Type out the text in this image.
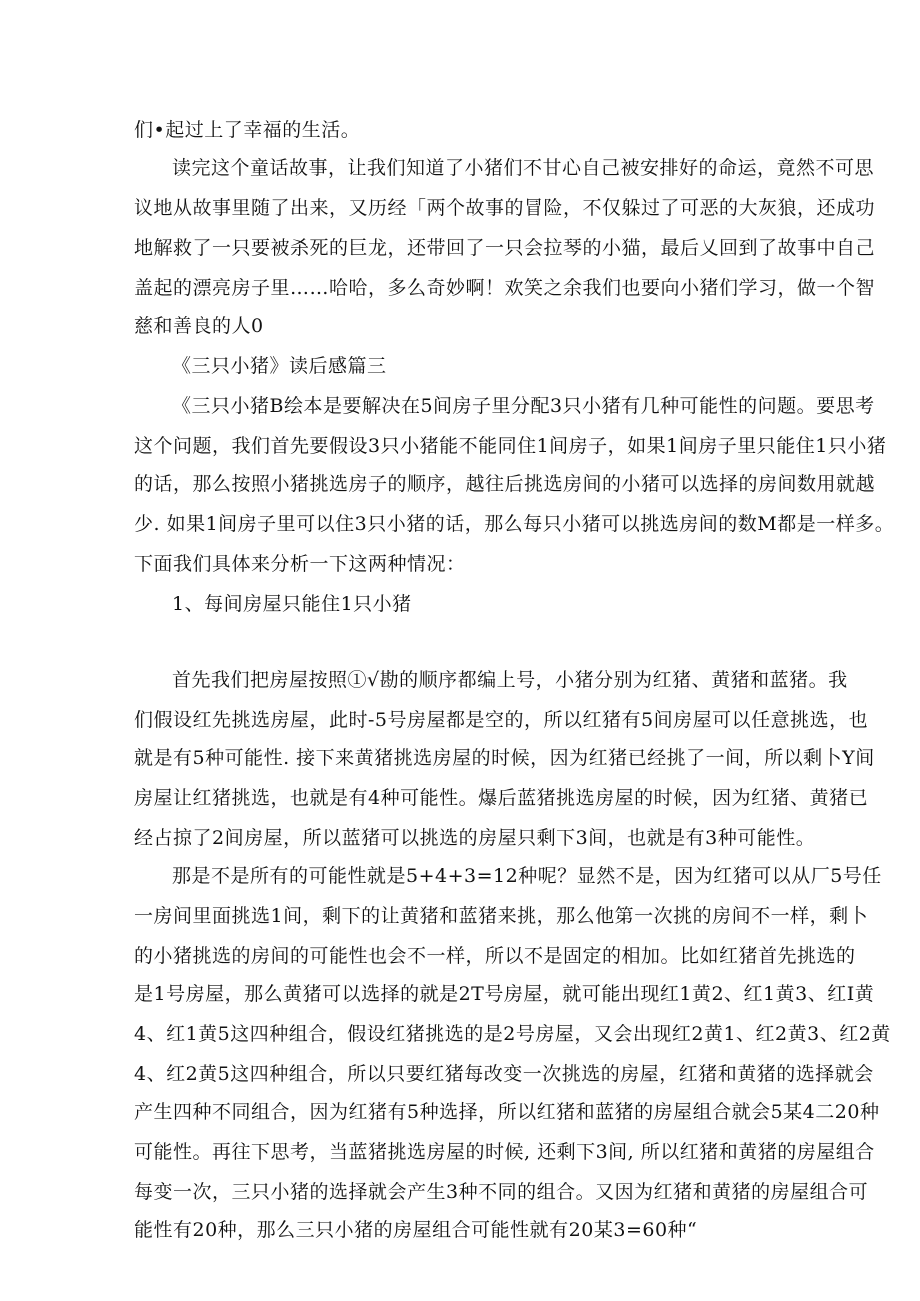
们•起过上了幸福的生活。
读完这个童话故事，让我们知道了小猪们不甘心自己被安排好的命运，竟然不可思
议地从故事里随了出来，又历经「两个故事的冒险，不仅躲过了可恶的大灰狼，还成功
地解救了一只要被杀死的巨龙，还带回了一只会拉琴的小猫，最后乂回到了故事中自己
盖起的漂亮房子里……哈哈，多么奇妙啊！欢笑之余我们也要向小猪们学习，做一个智
慈和善良的人0
《三只小猪》读后感篇三
《三只小猪B绘本是要解决在5间房子里分配3只小猪有几种可能性的问题。要思考
这个问题，我们首先要假设3只小猪能不能同住1间房子，如果1间房子里只能住1只小猪
的话，那么按照小猪挑选房子的顺序，越往后挑选房间的小猪可以选择的房间数用就越
少. 如果1间房子里可以住3只小猪的话，那么每只小猪可以挑选房间的数M都是一样多。
下面我们具体来分析一下这两种情况：
1、每间房屋只能住1只小猪
首先我们把房屋按照①√勘的顺序都编上号，小猪分别为红猪、黄猪和蓝猪。我
们假设红先挑选房屋，此时-5号房屋都是空的，所以红猪有5间房屋可以任意挑选，也
就是有5种可能性. 接下来黄猪挑选房屋的时候，因为红猪已经挑了一间，所以剩卜Y间
房屋让红猪挑选，也就是有4种可能性。爆后蓝猪挑选房屋的时候，因为红猪、黄猪已
经占掠了2间房屋，所以蓝猪可以挑选的房屋只剩下3间，也就是有3种可能性。
那是不是所有的可能性就是5+4+3=12种呢？显然不是，因为红猪可以从厂5号任
一房间里面挑选1间，剩下的让黄猪和蓝猪来挑，那么他第一次挑的房间不一样，剩卜
的小猪挑选的房间的可能性也会不一样，所以不是固定的相加。比如红猪首先挑选的
是1号房屋，那么黄猪可以选择的就是2T号房屋，就可能出现红1黄2、红1黄3、红I黄
4、红1黄5这四种组合，假设红猪挑选的是2号房屋，又会出现红2黄1、红2黄3、红2黄
4、红2黄5这四种组合，所以只要红猪每改变一次挑选的房屋，红猪和黄猪的选择就会
产生四种不同组合，因为红猪有5种选择，所以红猪和蓝猪的房屋组合就会5某4二20种
可能性。再往下思考，当蓝猪挑选房屋的时候, 还剩下3间, 所以红猪和黄猪的房屋组合
每变一次，三只小猪的选择就会产生3种不同的组合。又因为红猪和黄猪的房屋组合可
能性有20种，那么三只小猪的房屋组合可能性就有20某3=60种“
